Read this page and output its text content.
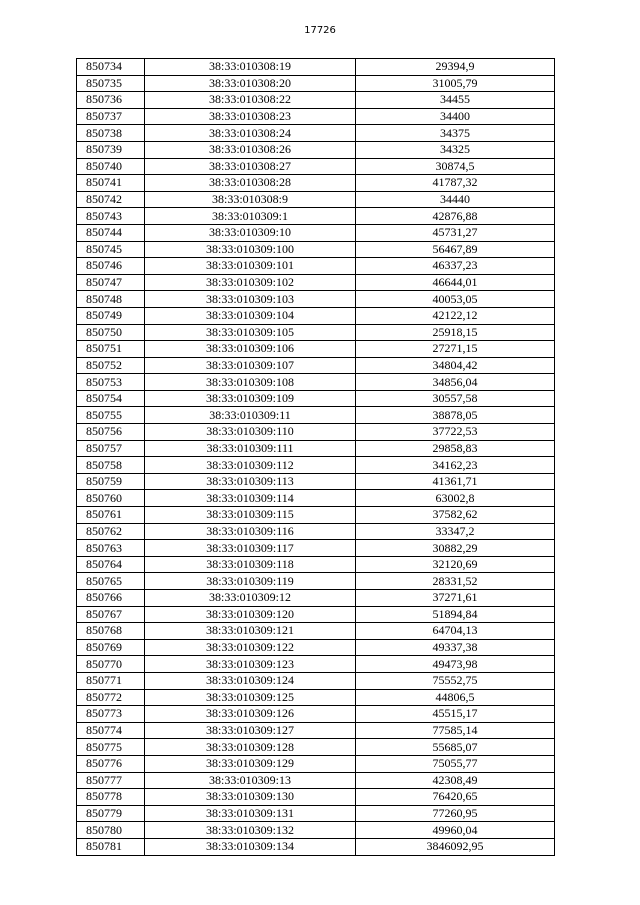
17726
850734	38:33:010308:19	29394,9
850735	38:33:010308:20	31005,79
850736	38:33:010308:22	34455
850737	38:33:010308:23	34400
850738	38:33:010308:24	34375
850739	38:33:010308:26	34325
850740	38:33:010308:27	30874,5
850741	38:33:010308:28	41787,32
850742	38:33:010308:9	34440
850743	38:33:010309:1	42876,88
850744	38:33:010309:10	45731,27
850745	38:33:010309:100	56467,89
850746	38:33:010309:101	46337,23
850747	38:33:010309:102	46644,01
850748	38:33:010309:103	40053,05
850749	38:33:010309:104	42122,12
850750	38:33:010309:105	25918,15
850751	38:33:010309:106	27271,15
850752	38:33:010309:107	34804,42
850753	38:33:010309:108	34856,04
850754	38:33:010309:109	30557,58
850755	38:33:010309:11	38878,05
850756	38:33:010309:110	37722,53
850757	38:33:010309:111	29858,83
850758	38:33:010309:112	34162,23
850759	38:33:010309:113	41361,71
850760	38:33:010309:114	63002,8
850761	38:33:010309:115	37582,62
850762	38:33:010309:116	33347,2
850763	38:33:010309:117	30882,29
850764	38:33:010309:118	32120,69
850765	38:33:010309:119	28331,52
850766	38:33:010309:12	37271,61
850767	38:33:010309:120	51894,84
850768	38:33:010309:121	64704,13
850769	38:33:010309:122	49337,38
850770	38:33:010309:123	49473,98
850771	38:33:010309:124	75552,75
850772	38:33:010309:125	44806,5
850773	38:33:010309:126	45515,17
850774	38:33:010309:127	77585,14
850775	38:33:010309:128	55685,07
850776	38:33:010309:129	75055,77
850777	38:33:010309:13	42308,49
850778	38:33:010309:130	76420,65
850779	38:33:010309:131	77260,95
850780	38:33:010309:132	49960,04
850781	38:33:010309:134	3846092,95
